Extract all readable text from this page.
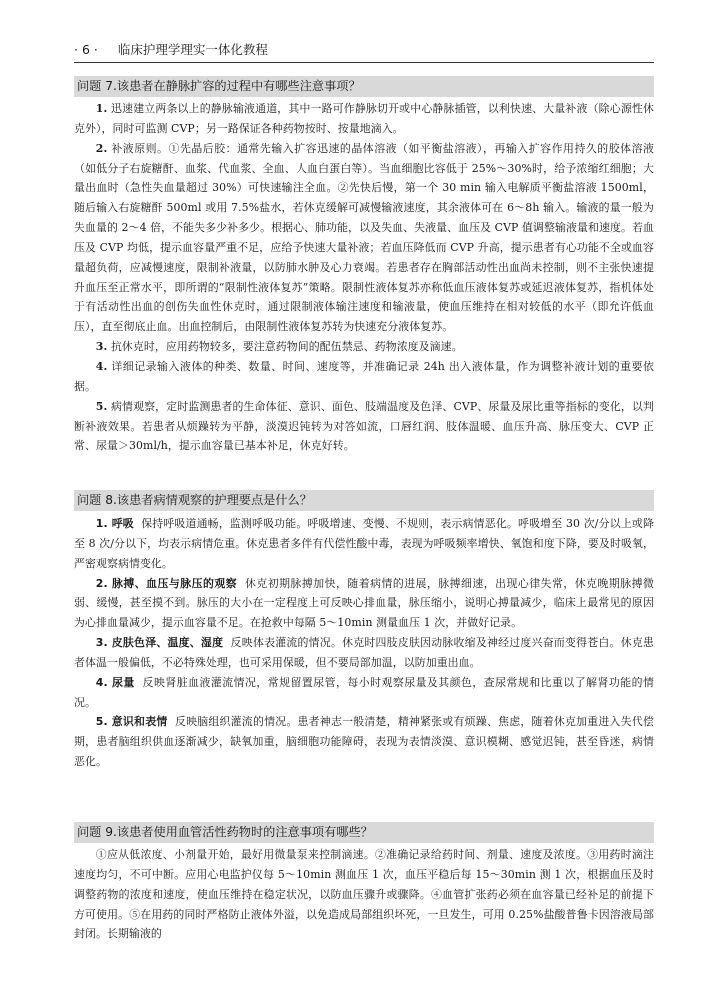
· 6 · 临床护理学理实一体化教程
问题 7.该患者在静脉扩容的过程中有哪些注意事项？

1. 迅速建立两条以上的静脉输液通道，其中一路可作静脉切开或中心静脉插管，以利快速、大量补液（除心源性休克外），同时可监测 CVP；另一路保证各种药物按时、按量地滴入。

2. 补液原则。①先晶后胶：通常先输入扩容迅速的晶体溶液（如平衡盐溶液），再输入扩容作用持久的胶体溶液（如低分子右旋糖酐、血浆、代血浆、全血、人血白蛋白等）。当血细胞比容低于 25%～30%时，给予浓缩红细胞；大量出血时（急性失血量超过 30%）可快速输注全血。②先快后慢，第一个 30 min 输入电解质平衡盐溶液 1500ml，随后输入右旋糖酐 500ml 或用 7.5%盐水，若休克缓解可减慢输液速度，其余液体可在 6～8h 输入。输液的量一般为失血量的 2～4 倍，不能失多少补多少。根据心、肺功能，以及失血、失液量、血压及 CVP 值调整输液量和速度。若血压及 CVP 均低，提示血容量严重不足，应给予快速大量补液；若血压降低而 CVP 升高，提示患者有心功能不全或血容量超负荷，应减慢速度，限制补液量，以防肺水肿及心力衰竭。若患者存在胸部活动性出血尚未控制，则不主张快速提升血压至正常水平，即所谓的“限制性液体复苏”策略。限制性液体复苏亦称低血压液体复苏或延迟液体复苏，指机体处于有活动性出血的创伤失血性休克时，通过限制液体输注速度和输液量，使血压维持在相对较低的水平（即允许低血压），直至彻底止血。出血控制后，由限制性液体复苏转为快速充分液体复苏。

3. 抗休克时，应用药物较多，要注意药物间的配伍禁忌、药物浓度及滴速。

4. 详细记录输入液体的种类、数量、时间、速度等，并准确记录 24h 出入液体量，作为调整补液计划的重要依据。

5. 病情观察，定时监测患者的生命体征、意识、面色、肢端温度及色泽、CVP、尿量及尿比重等指标的变化，以判断补液效果。若患者从烦躁转为平静，淡漠迟钝转为对答如流，口唇红润、肢体温暖、血压升高、脉压变大、CVP 正常、尿量＞30ml/h，提示血容量已基本补足，休克好转。

问题 8.该患者病情观察的护理要点是什么？

1. 呼吸 保持呼吸道通畅，监测呼吸功能。呼吸增速、变慢、不规则，表示病情恶化。呼吸增至 30 次/分以上或降至 8 次/分以下，均表示病情危重。休克患者多伴有代偿性酸中毒，表现为呼吸频率增快、氧饱和度下降，要及时吸氧，严密观察病情变化。

2. 脉搏、血压与脉压的观察 休克初期脉搏加快，随着病情的进展，脉搏细速，出现心律失常，休克晚期脉搏微弱、缓慢，甚至摸不到。脉压的大小在一定程度上可反映心排血量，脉压缩小，说明心搏量减少，临床上最常见的原因为心排血量减少，提示血容量不足。在抢救中每隔 5～10min 测量血压 1 次，并做好记录。

3. 皮肤色泽、温度、湿度 反映体表灌流的情况。休克时四肢皮肤因动脉收缩及神经过度兴奋而变得苍白。休克患者体温一般偏低，不必特殊处理，也可采用保暖，但不要局部加温，以防加重出血。

4. 尿量 反映肾脏血液灌流情况，常规留置尿管，每小时观察尿量及其颜色，查尿常规和比重以了解肾功能的情况。

5. 意识和表情 反映脑组织灌流的情况。患者神志一般清楚，精神紧张或有烦躁、焦虑，随着休克加重进入失代偿期，患者脑组织供血逐渐减少，缺氧加重，脑细胞功能障碍，表现为表情淡漠、意识模糊、感觉迟钝，甚至昏迷，病情恶化。

问题 9.该患者使用血管活性药物时的注意事项有哪些？

①应从低浓度、小剂量开始，最好用微量泵来控制滴速。②准确记录给药时间、剂量、速度及浓度。③用药时滴注速度均匀，不可中断。应用心电监护仪每 5～10min 测血压 1 次，血压平稳后每 15～30min 测 1 次，根据血压及时调整药物的浓度和速度，使血压维持在稳定状况，以防血压骤升或骤降。④血管扩张药必须在血容量已经补足的前提下方可使用。⑤在用药的同时严格防止液体外溢，以免造成局部组织坏死，一旦发生，可用 0.25%盐酸普鲁卡因溶液局部封闭。长期输液的
